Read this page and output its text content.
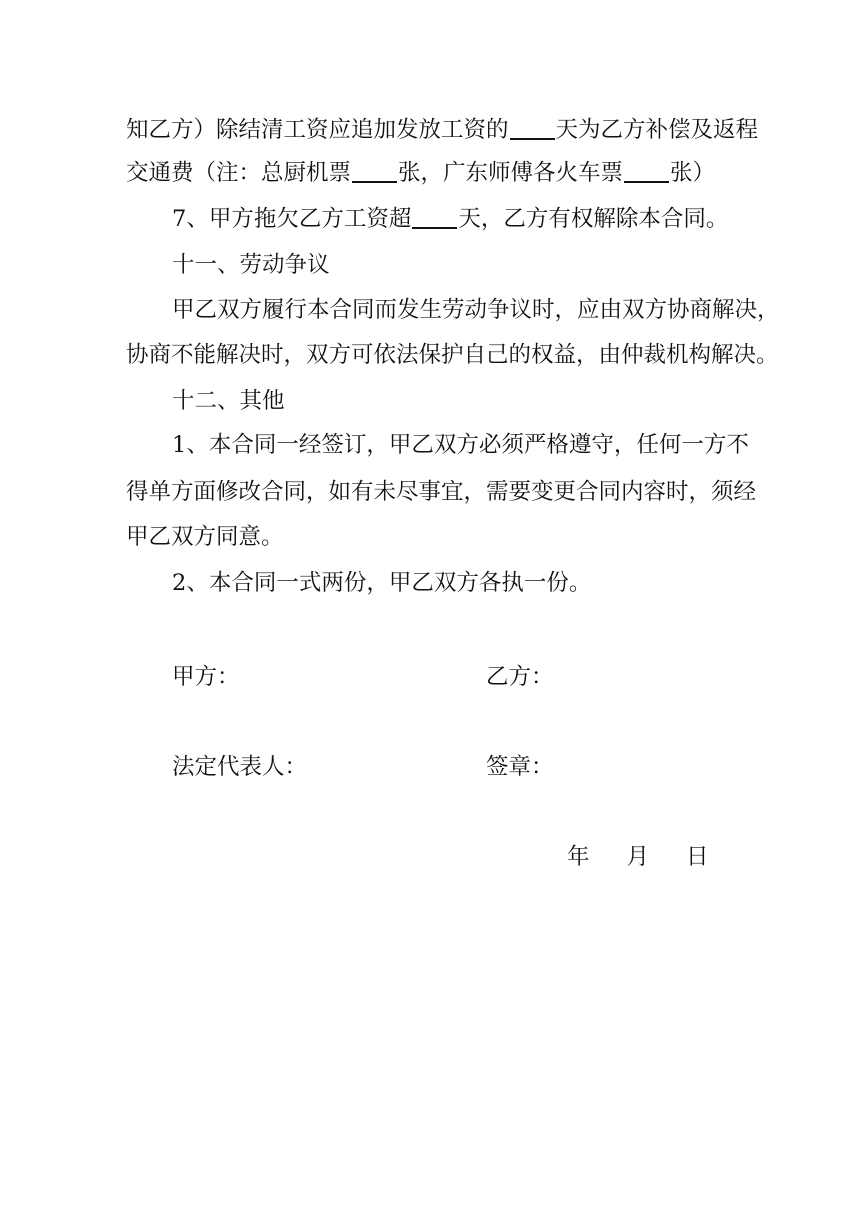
知乙方）除结清工资应追加发放工资的 天为乙方补偿及返程
交通费（注：总厨机票 张，广东师傅各火车票 张）
7、甲方拖欠乙方工资超 天，乙方有权解除本合同。
十一、劳动争议
甲乙双方履行本合同而发生劳动争议时，应由双方协商解决，
协商不能解决时，双方可依法保护自己的权益，由仲裁机构解决。
十二、其他
1、本合同一经签订，甲乙双方必须严格遵守，任何一方不
得单方面修改合同，如有未尽事宜，需要变更合同内容时，须经
甲乙双方同意。
2、本合同一式两份，甲乙双方各执一份。
甲方：	乙方：
法定代表人：	签章：
年 月 日
